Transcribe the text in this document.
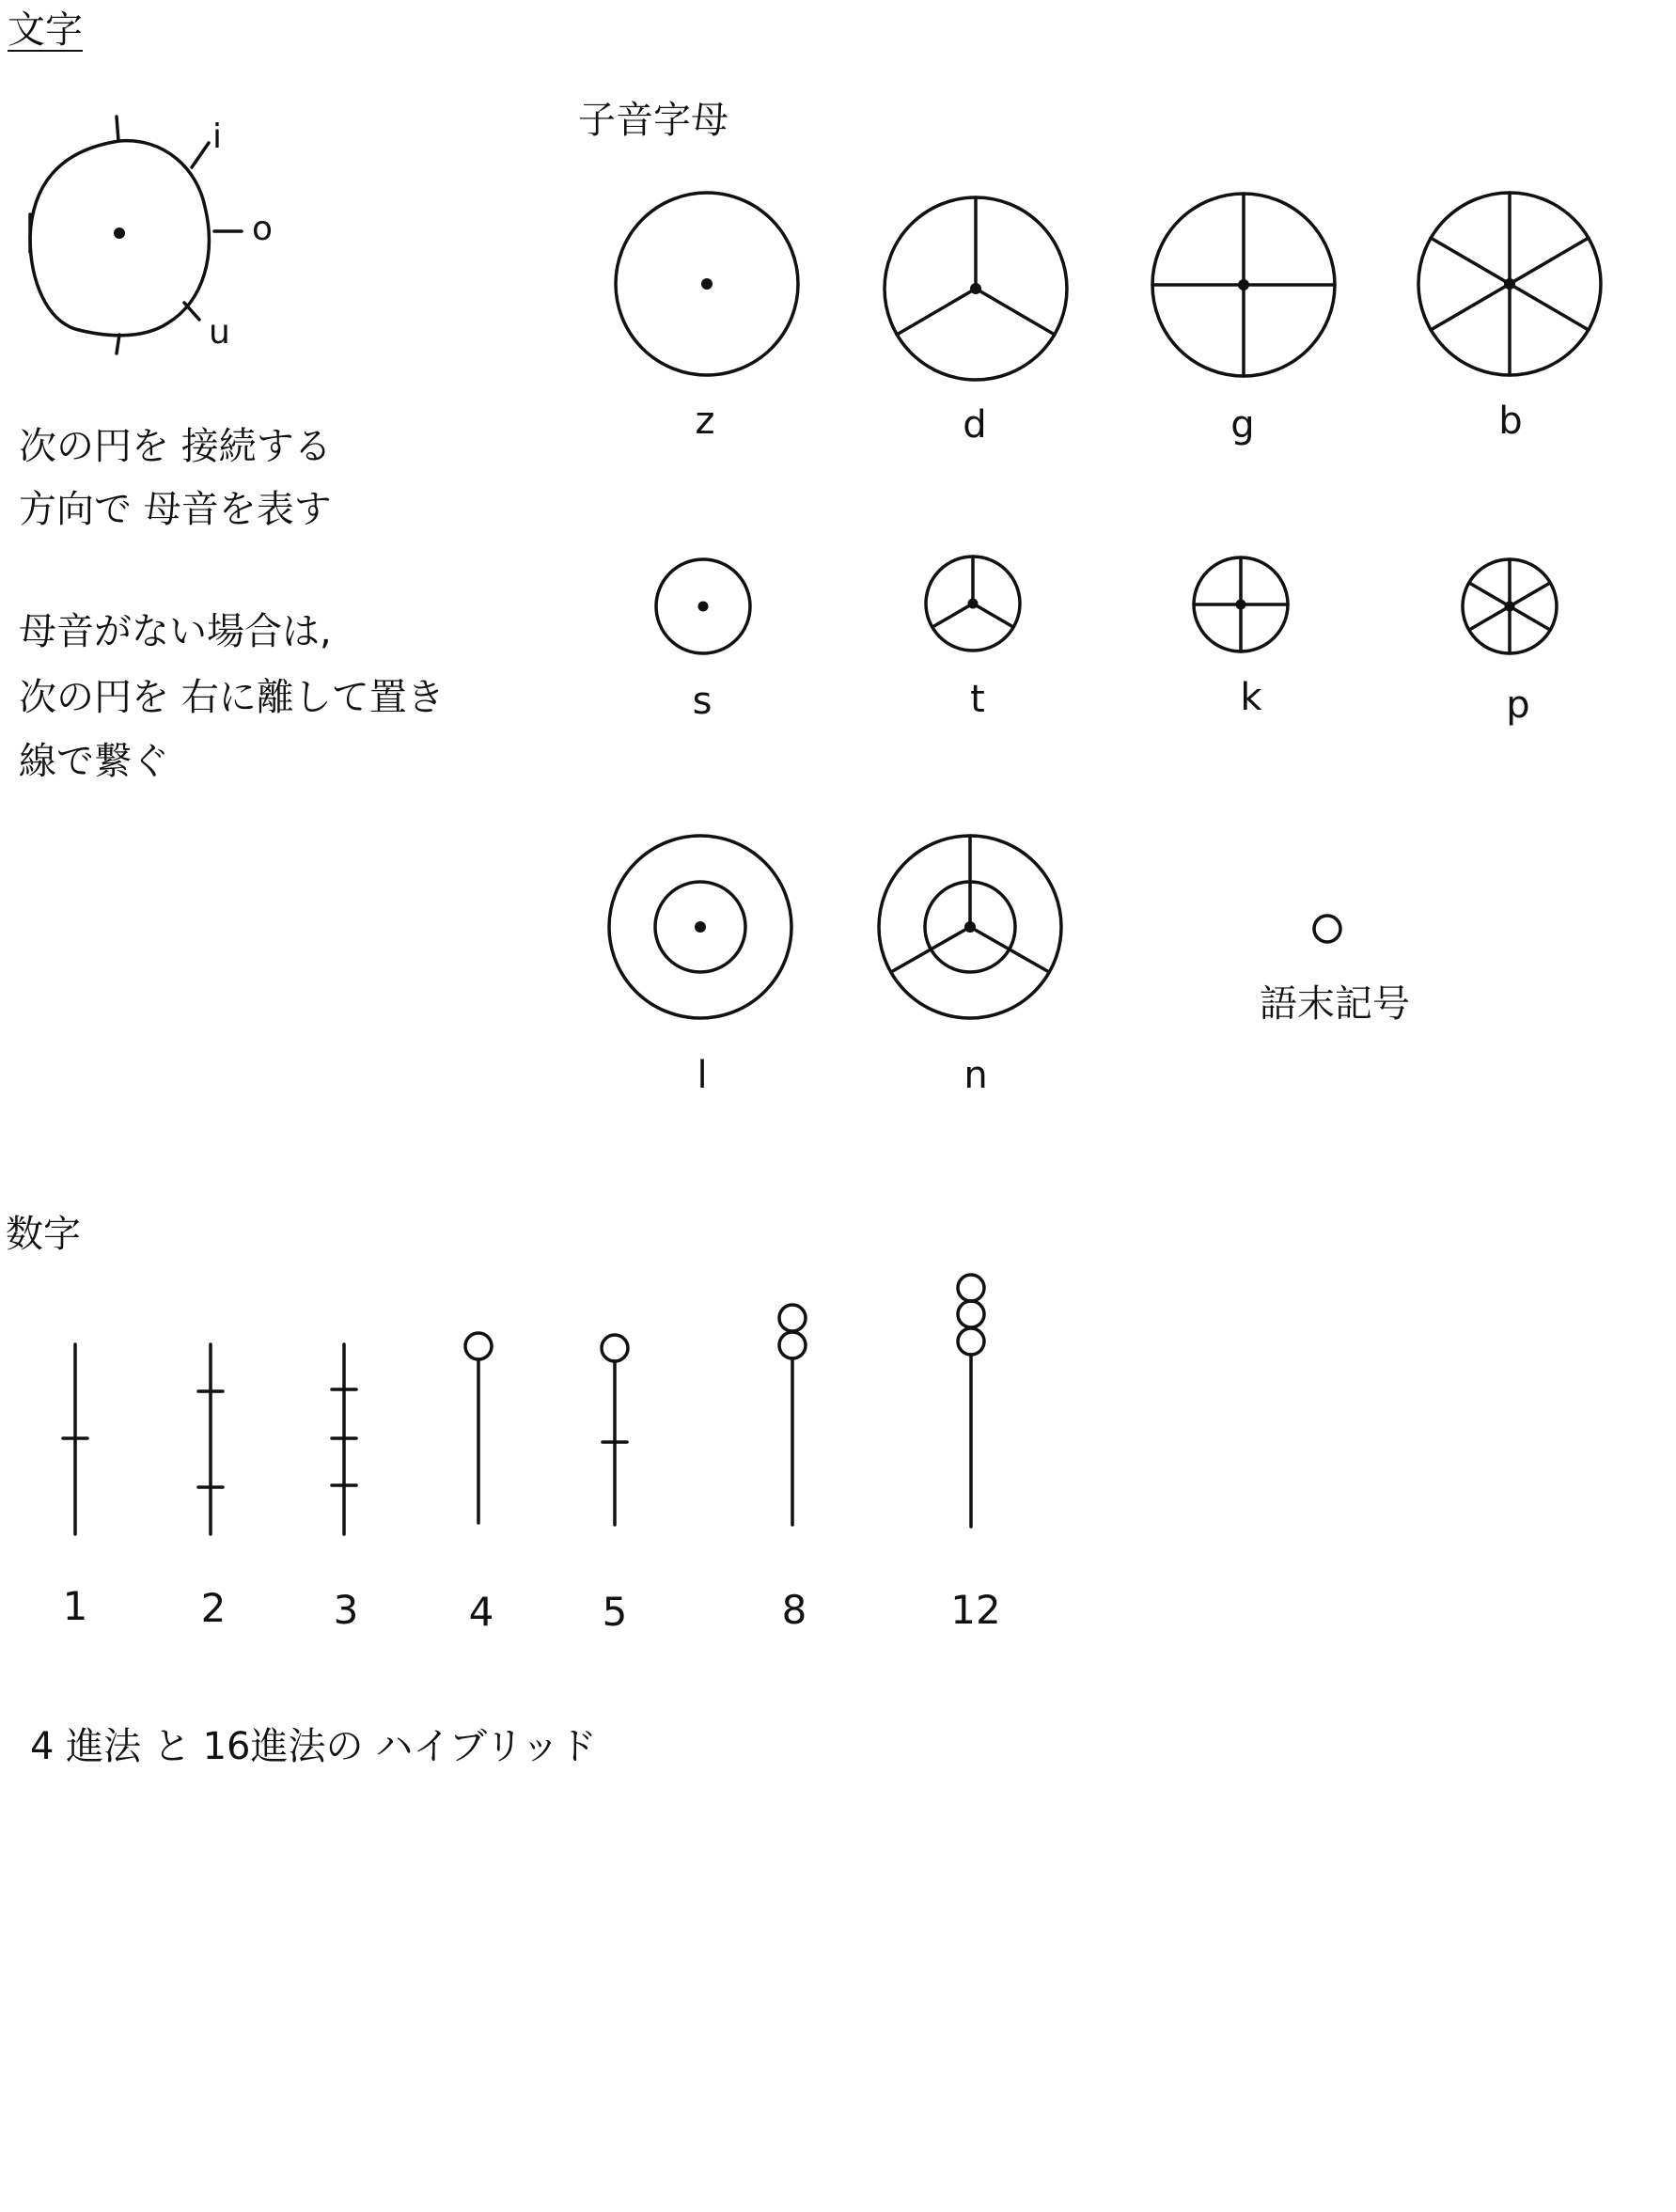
文字
子音字母
数字
i
o
u
次の円を 接続する
方向で 母音を表す
母音がない場合は,
次の円を 右に離して置き
線で繋ぐ
z	d	g	b
s	t	k	p
l	n
語末記号
1	2	3	4	5	8	12
4 進法 と 16進法の ハイブリッド
